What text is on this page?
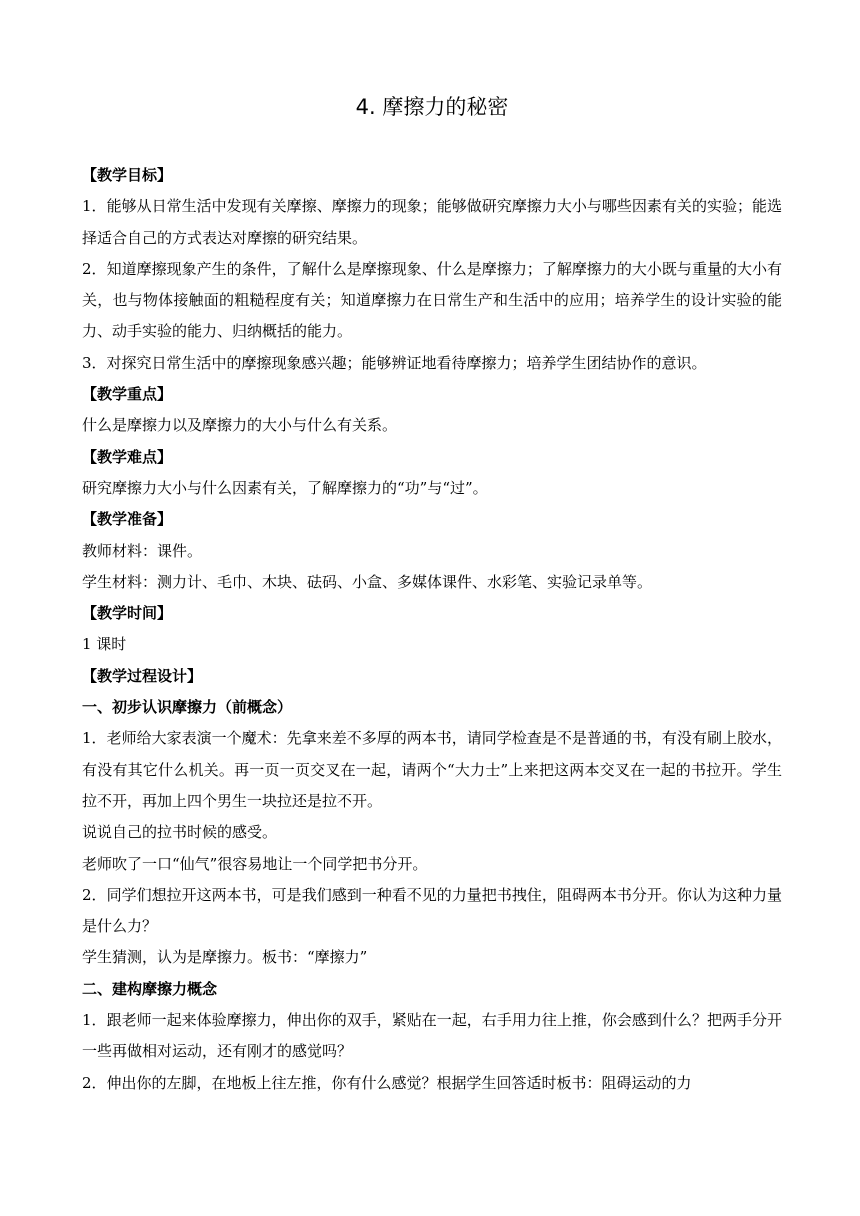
4. 摩擦力的秘密
【教学目标】

1．能够从日常生活中发现有关摩擦、摩擦力的现象；能够做研究摩擦力大小与哪些因素有关的实验；能选择适合自己的方式表达对摩擦的研究结果。

2．知道摩擦现象产生的条件，了解什么是摩擦现象、什么是摩擦力；了解摩擦力的大小既与重量的大小有关，也与物体接触面的粗糙程度有关；知道摩擦力在日常生产和生活中的应用；培养学生的设计实验的能力、动手实验的能力、归纳概括的能力。

3．对探究日常生活中的摩擦现象感兴趣；能够辨证地看待摩擦力；培养学生团结协作的意识。

【教学重点】
什么是摩擦力以及摩擦力的大小与什么有关系。
【教学难点】
研究摩擦力大小与什么因素有关，了解摩擦力的“功”与“过”。
【教学准备】
教师材料：课件。
学生材料：测力计、毛巾、木块、砝码、小盒、多媒体课件、水彩笔、实验记录单等。
【教学时间】
1 课时
【教学过程设计】
一、初步认识摩擦力（前概念）

1．老师给大家表演一个魔术：先拿来差不多厚的两本书，请同学检查是不是普通的书，有没有刷上胶水，有没有其它什么机关。再一页一页交叉在一起，请两个“大力士”上来把这两本交叉在一起的书拉开。学生拉不开，再加上四个男生一块拉还是拉不开。

说说自己的拉书时候的感受。
老师吹了一口“仙气”很容易地让一个同学把书分开。

2．同学们想拉开这两本书，可是我们感到一种看不见的力量把书拽住，阻碍两本书分开。你认为这种力量是什么力？

学生猜测，认为是摩擦力。板书：“摩擦力”
二、建构摩擦力概念

1．跟老师一起来体验摩擦力，伸出你的双手，紧贴在一起，右手用力往上推，你会感到什么？把两手分开一些再做相对运动，还有刚才的感觉吗？

2．伸出你的左脚，在地板上往左推，你有什么感觉？根据学生回答适时板书：阻碍运动的力
